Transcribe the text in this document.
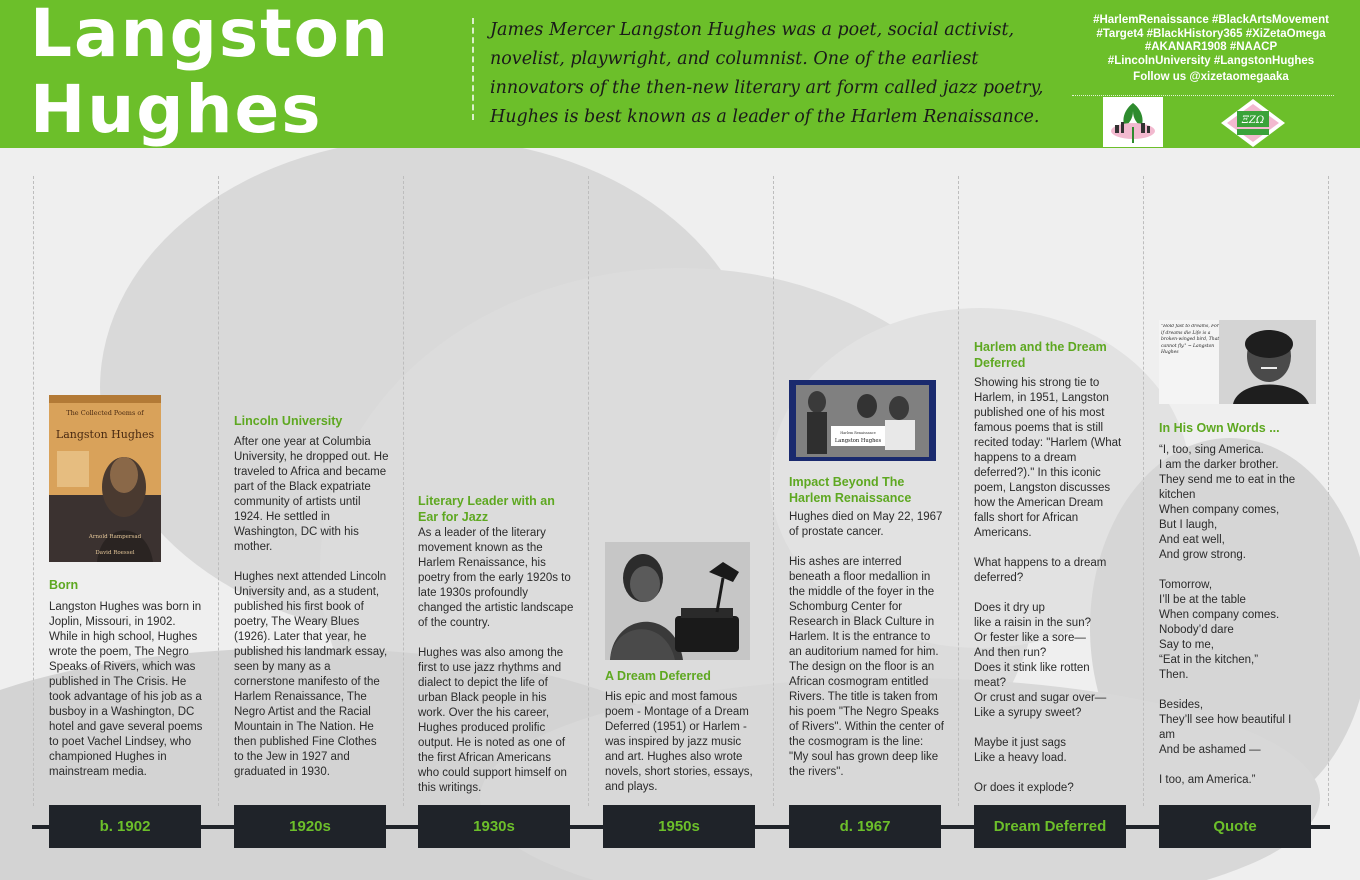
Langston
Hughes
James Mercer Langston Hughes was a poet, social activist, novelist, playwright, and columnist. One of the earliest innovators of the then-new literary art form called jazz poetry, Hughes is best known as a leader of the Harlem Renaissance.
#HarlemRenaissance #BlackArtsMovement
#Target4 #BlackHistory365 #XiZetaOmega
#AKANAR1908 #NAACP
#LincolnUniversity #LangstonHughes
Follow us @xizetaomegaaka
ΞΖΩ
The Collected Poems of
Langston Hughes
Arnold Rampersad
David Roessel
Born
Langston Hughes was born in Joplin, Missouri, in 1902. While in high school, Hughes wrote the poem, The Negro Speaks of Rivers, which was published in The Crisis. He took advantage of his job as a busboy in a Washington, DC hotel and gave several poems to poet Vachel Lindsey, who championed Hughes in mainstream media.
Lincoln University
After one year at Columbia University, he dropped out. He traveled to Africa and became part of the Black expatriate community of artists until 1924. He settled in Washington, DC with his mother.

Hughes next attended Lincoln University and, as a student, published his first book of poetry, The Weary Blues (1926). Later that year, he published his landmark essay, seen by many as a cornerstone manifesto of the Harlem Renaissance, The Negro Artist and the Racial Mountain in The Nation. He then published Fine Clothes to the Jew in 1927 and graduated in 1930.
Literary Leader with an Ear for Jazz
As a leader of the literary movement known as the Harlem Renaissance, his poetry from the early 1920s to late 1930s profoundly changed the artistic landscape of the country.

Hughes was also among the first to use jazz rhythms and dialect to depict the life of urban Black people in his work. Over the his career, Hughes produced prolific output. He is noted as one of the first African Americans who could support himself on this writings.
A Dream Deferred
His epic and most famous poem - Montage of a Dream Deferred (1951) or Harlem - was inspired by jazz music and art. Hughes also wrote novels, short stories, essays, and plays.
Harlem Renaissance
Langston Hughes
Impact Beyond The Harlem Renaissance
Hughes died on May 22, 1967 of prostate cancer.

His ashes are interred beneath a floor medallion in the middle of the foyer in the Schomburg Center for Research in Black Culture in Harlem. It is the entrance to an auditorium named for him. The design on the floor is an African cosmogram entitled Rivers. The title is taken from his poem "The Negro Speaks of Rivers". Within the center of the cosmogram is the line: "My soul has grown deep like the rivers".
Harlem and the Dream Deferred
Showing his strong tie to Harlem, in 1951, Langston published one of his most famous poems that is still recited today: "Harlem (What happens to a dream deferred?)." In this iconic poem, Langston discusses how the American Dream falls short for African Americans.

What happens to a dream deferred?

Does it dry up
like a raisin in the sun?
Or fester like a sore—
And then run?
Does it stink like rotten meat?
Or crust and sugar over—
Like a syrupy sweet?

Maybe it just sags
Like a heavy load.

Or does it explode?
"Hold fast to dreams, For if dreams die Life is a broken-winged bird, That cannot fly." ~ Langston Hughes
In His Own Words ...
“I, too, sing America.
I am the darker brother.
They send me to eat in the
kitchen
When company comes,
But I laugh,
And eat well,
And grow strong.

Tomorrow,
I’ll be at the table
When company comes.
Nobody’d dare
Say to me,
“Eat in the kitchen,”
Then.

Besides,
They’ll see how beautiful I
am
And be ashamed —

I too, am America.”
b. 1902	1920s	1930s	1950s	d. 1967	Dream Deferred	Quote
